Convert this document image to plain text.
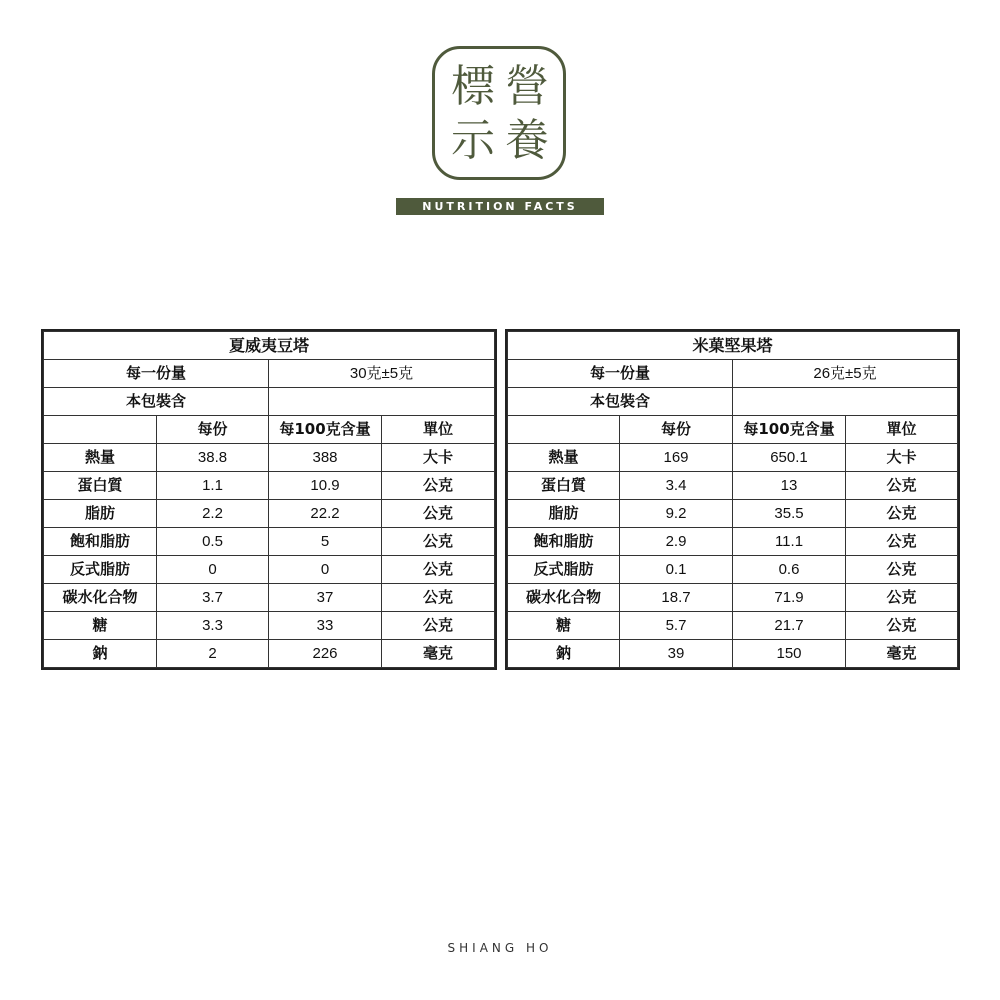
標 營
示 養
NUTRITION FACTS
夏威夷豆塔			
每一份量		30克±5克	
本包裝含			
	每份	每100克含量	單位
熱量	38.8	388	大卡
蛋白質	1.1	10.9	公克
脂肪	2.2	22.2	公克
飽和脂肪	0.5	5	公克
反式脂肪	0	0	公克
碳水化合物	3.7	37	公克
糖	3.3	33	公克
鈉	2	226	毫克
米菓堅果塔			
每一份量		26克±5克	
本包裝含			
	每份	每100克含量	單位
熱量	169	650.1	大卡
蛋白質	3.4	13	公克
脂肪	9.2	35.5	公克
飽和脂肪	2.9	11.1	公克
反式脂肪	0.1	0.6	公克
碳水化合物	18.7	71.9	公克
糖	5.7	21.7	公克
鈉	39	150	毫克
SHIANG HO
